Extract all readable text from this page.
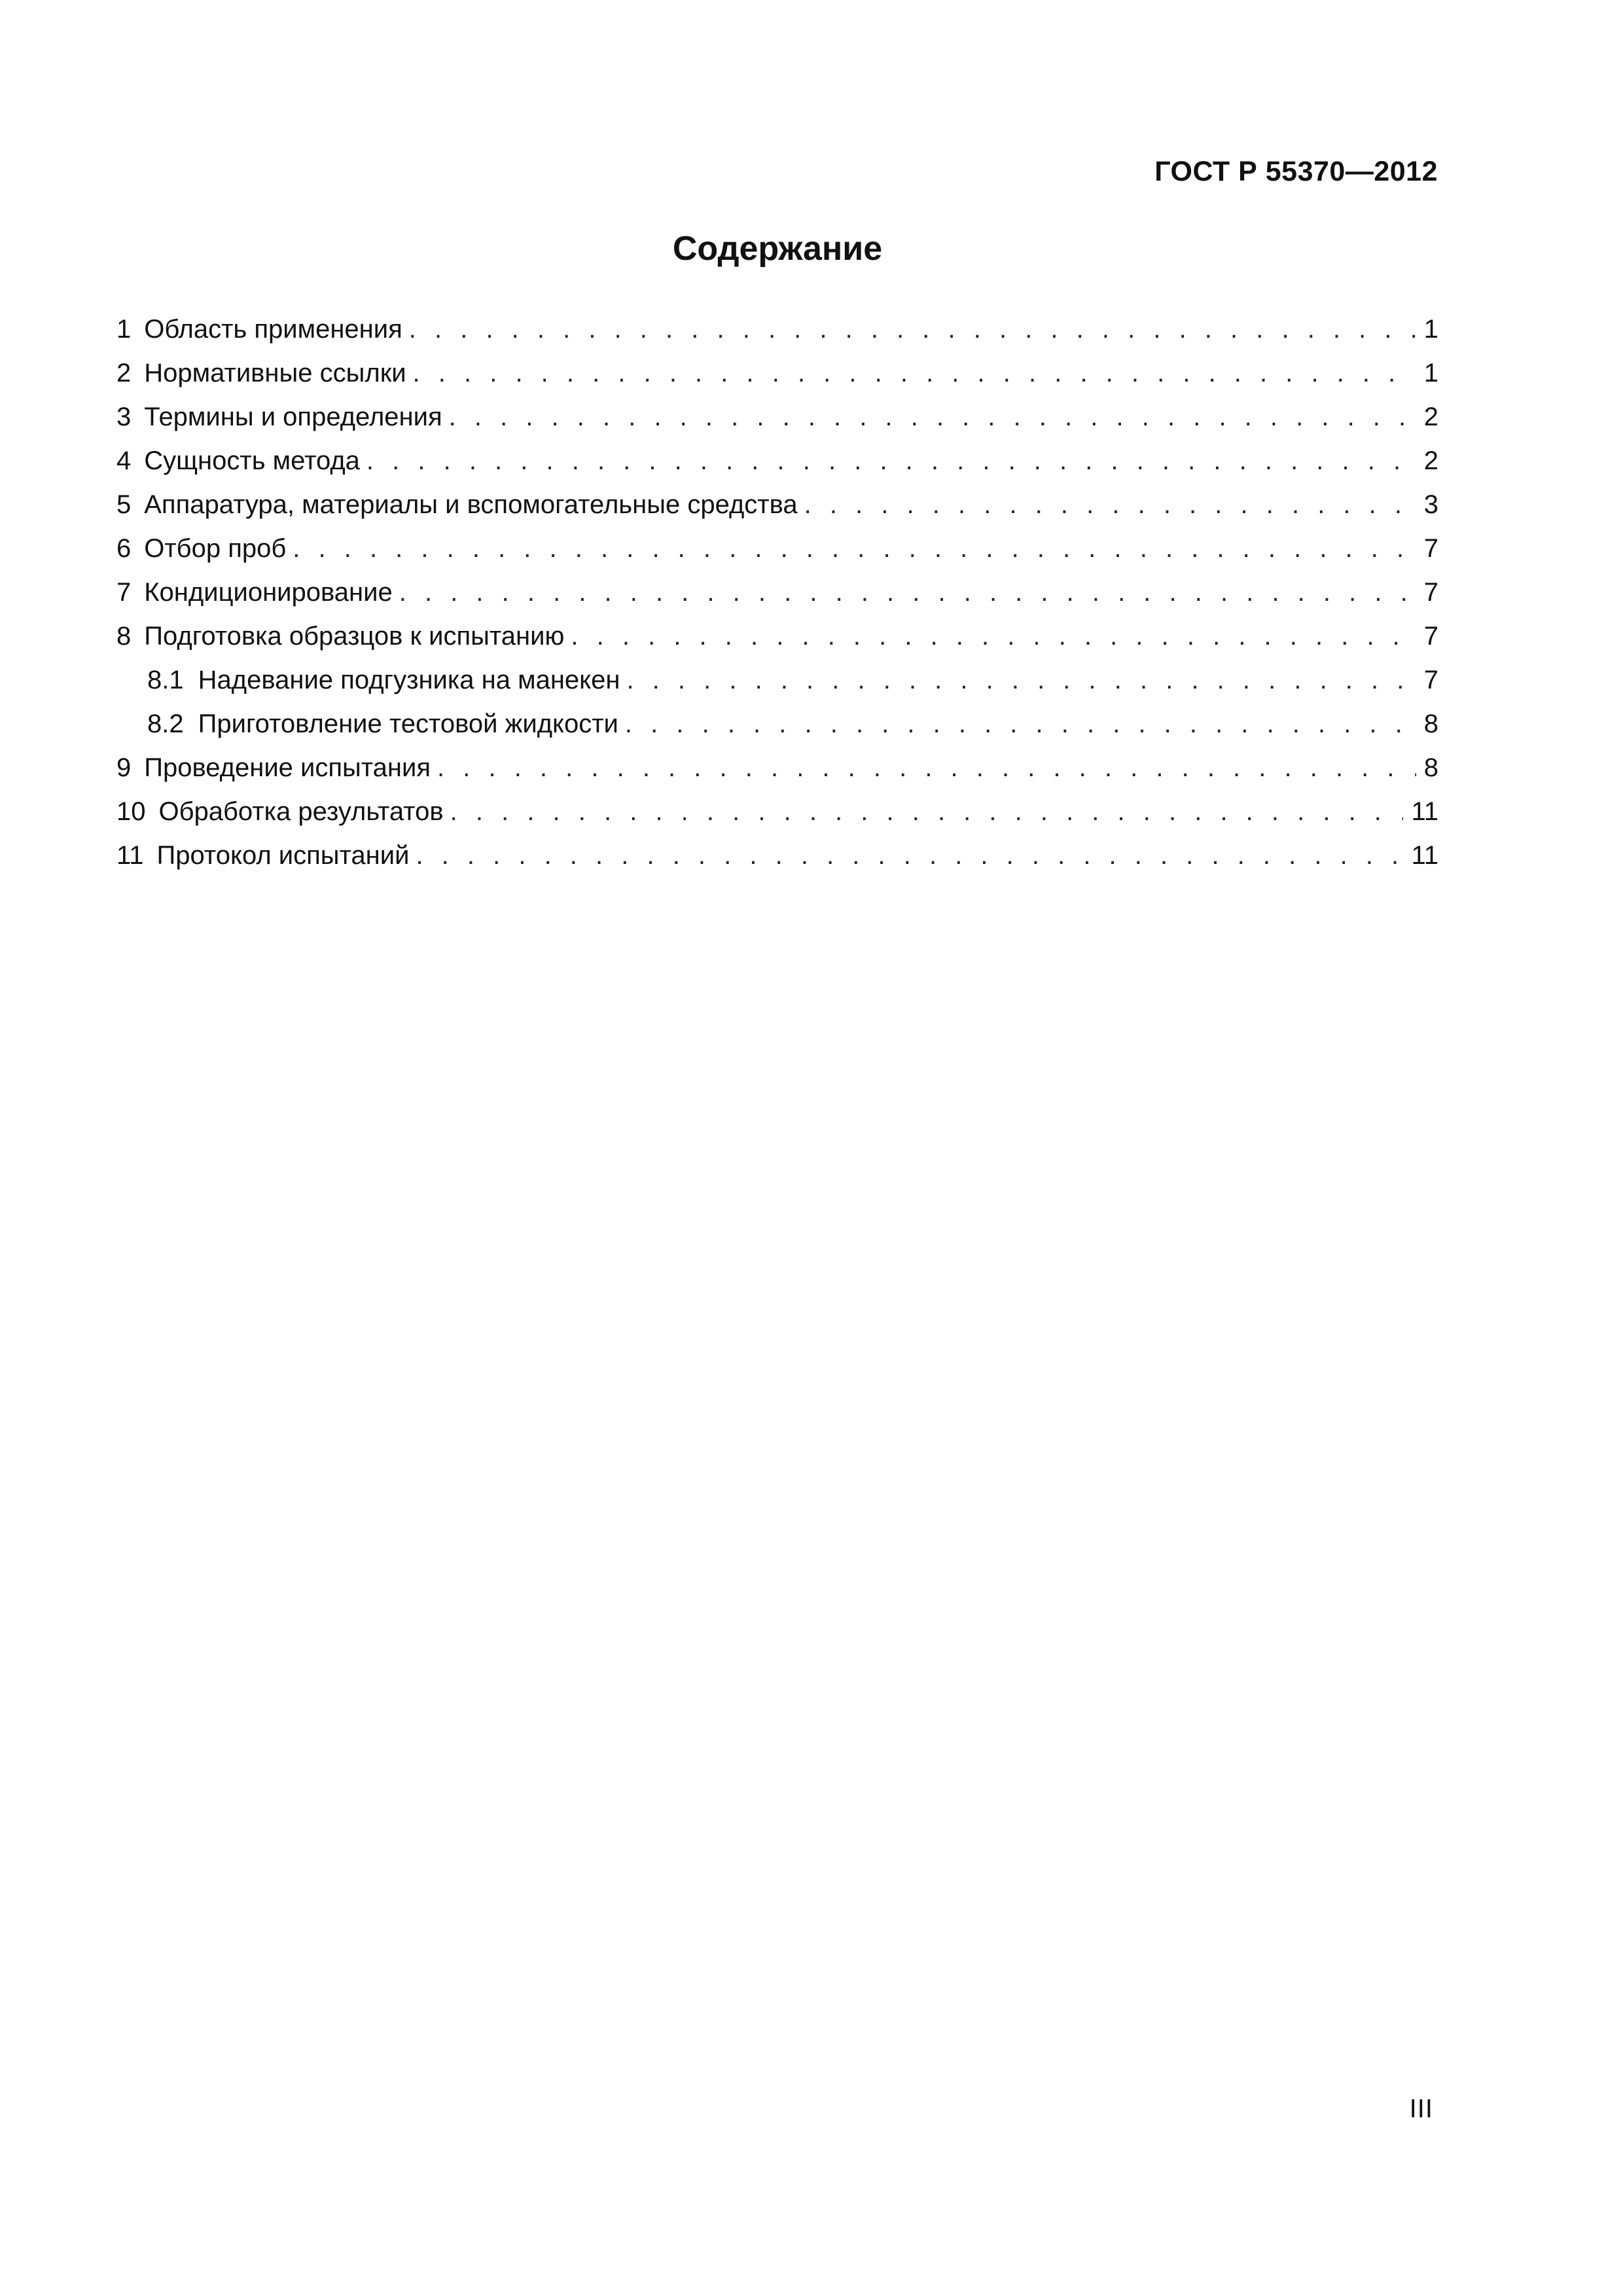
ГОСТ Р 55370—2012
Содержание
1 Область применения . . .	1
2 Нормативные ссылки . . .	1
3 Термины и определения . . .	2
4 Сущность метода . . .	2
5 Аппаратура, материалы и вспомогательные средства . . .	3
6 Отбор проб . . .	7
7 Кондиционирование . . .	7
8 Подготовка образцов к испытанию . . .	7
8.1 Надевание подгузника на манекен . . .	7
8.2 Приготовление тестовой жидкости . . .	8
9 Проведение испытания . . .	8
10 Обработка результатов . . .	11
11 Протокол испытаний . . .	11
III
